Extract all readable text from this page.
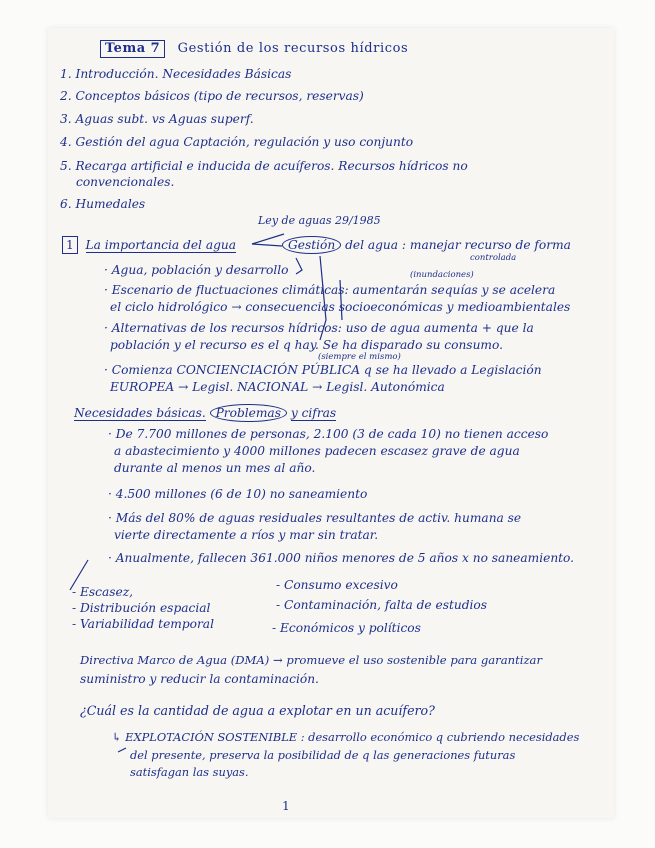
Tema 7 Gestión de los recursos hídricos
1. Introducción. Necesidades Básicas
2. Conceptos básicos (tipo de recursos, reservas)
3. Aguas subt. vs Aguas superf.
4. Gestión del agua Captación, regulación y uso conjunto
5. Recarga artificial e inducida de acuíferos. Recursos hídricos no
convencionales.
6. Humedales
Ley de aguas 29/1985
1 La importancia del agua	Gestión del agua : manejar recurso de forma
controlada
(inundaciones)
· Agua, población y desarrollo
· Escenario de fluctuaciones climáticas: aumentarán sequías y se acelera
el ciclo hidrológico → consecuencias socioeconómicas y medioambientales
· Alternativas de los recursos hídricos: uso de agua aumenta + que la
población y el recurso es el q hay. Se ha disparado su consumo.
(siempre el mismo)
· Comienza CONCIENCIACIÓN PÚBLICA q se ha llevado a Legislación
EUROPEA → Legisl. NACIONAL → Legisl. Autonómica
Necesidades básicas. Problemas y cifras
· De 7.700 millones de personas, 2.100 (3 de cada 10) no tienen acceso
a abastecimiento y 4000 millones padecen escasez grave de agua
durante al menos un mes al año.
· 4.500 millones (6 de 10) no saneamiento
· Más del 80% de aguas residuales resultantes de activ. humana se
vierte directamente a ríos y mar sin tratar.
· Anualmente, fallecen 361.000 niños menores de 5 años x no saneamiento.
- Escasez,
- Distribución espacial
- Variabilidad temporal
- Consumo excesivo
- Contaminación, falta de estudios
- Económicos y políticos
Directiva Marco de Agua (DMA) → promueve el uso sostenible para garantizar
suministro y reducir la contaminación.
¿Cuál es la cantidad de agua a explotar en un acuífero?
↳ EXPLOTACIÓN SOSTENIBLE : desarrollo económico q cubriendo necesidades
del presente, preserva la posibilidad de q las generaciones futuras
satisfagan las suyas.
1
